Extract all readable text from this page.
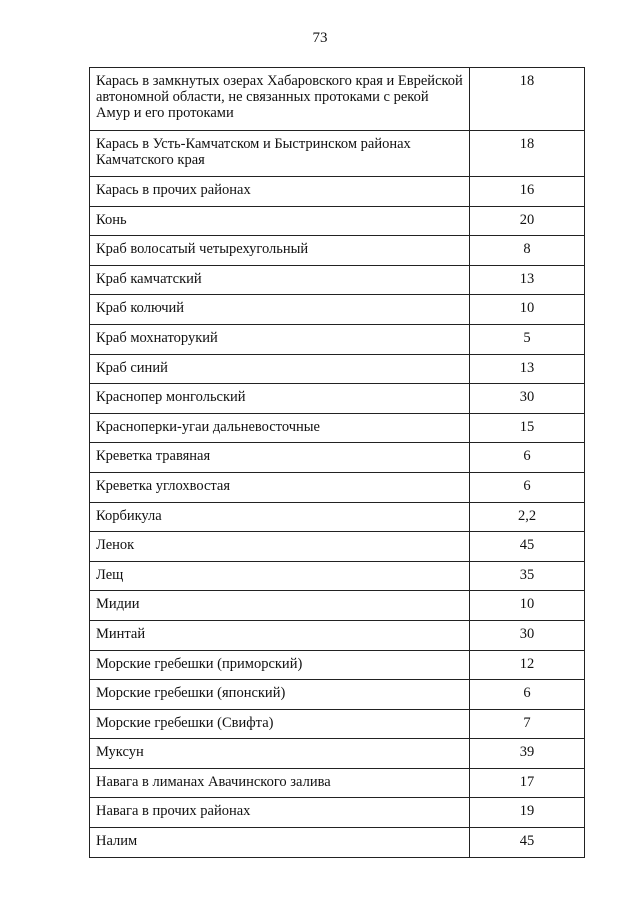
73
Карась в замкнутых озерах Хабаровского края и Еврейской автономной области, не связанных протоками с рекой Амур и его протоками	18
Карась в Усть-Камчатском и Быстринском районах Камчатского края	18
Карась в прочих районах	16
Конь	20
Краб волосатый четырехугольный	8
Краб камчатский	13
Краб колючий	10
Краб мохнаторукий	5
Краб синий	13
Краснопер монгольский	30
Красноперки-угаи дальневосточные	15
Креветка травяная	6
Креветка углохвостая	6
Корбикула	2,2
Ленок	45
Лещ	35
Мидии	10
Минтай	30
Морские гребешки (приморский)	12
Морские гребешки (японский)	6
Морские гребешки (Свифта)	7
Муксун	39
Навага в лиманах Авачинского залива	17
Навага в прочих районах	19
Налим	45
